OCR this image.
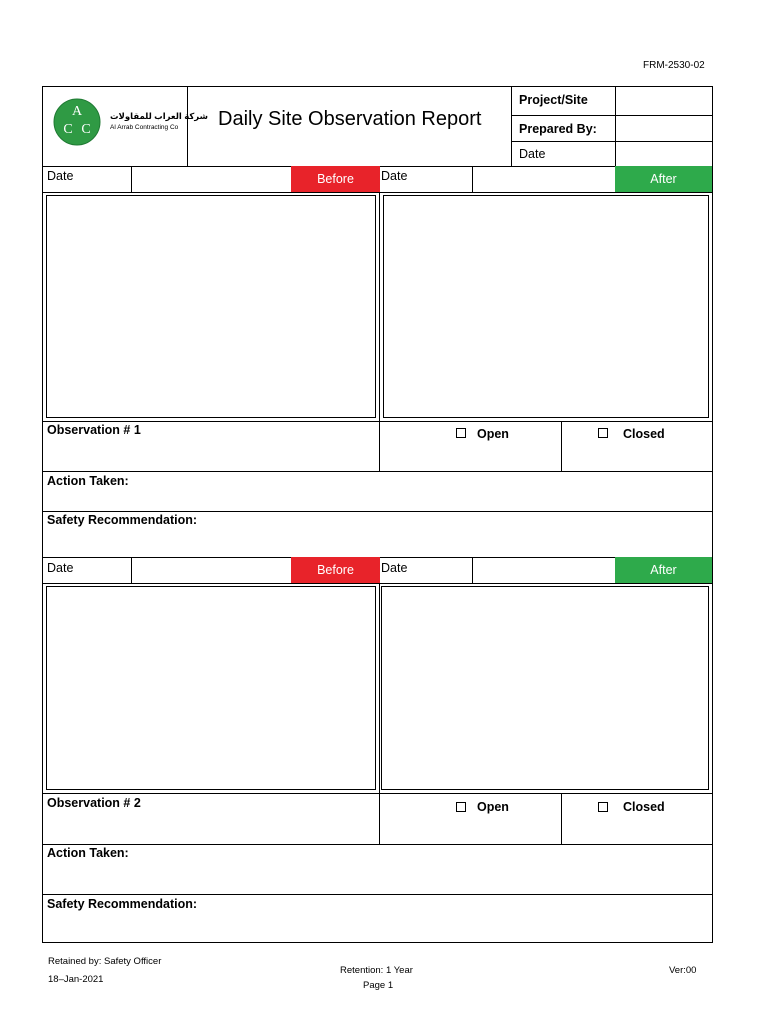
FRM-2530-02
A
C C
شركة العراب للمقاولات
Al Arrab Contracting Co Daily Site Observation Report
Project/Site
Prepared By:
Date
Date	Before	Date	After
Observation # 1	Open	Closed
Action Taken:
Safety Recommendation:
Date	Before	Date	After
Observation # 2	Open	Closed
Action Taken:
Safety Recommendation:
Retained by: Safety Officer
18–Jan-2021
Retention: 1 Year
Page 1
Ver:00
